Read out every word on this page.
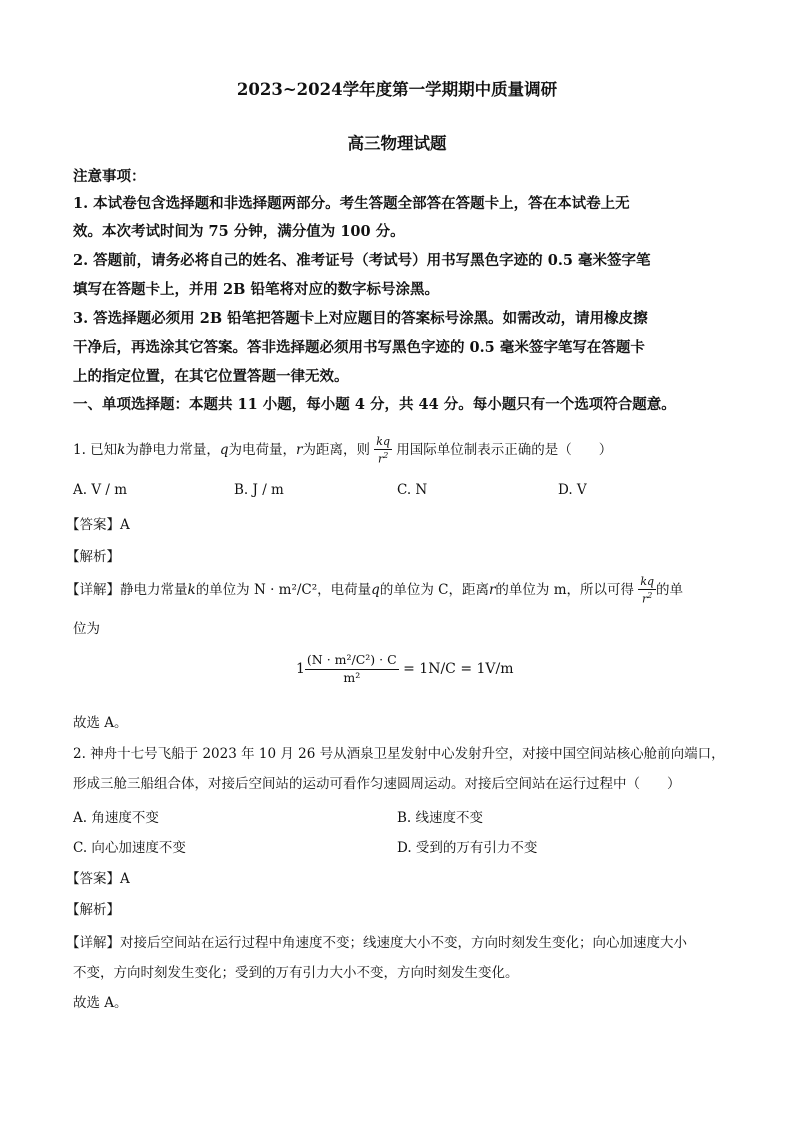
2023~2024学年度第一学期期中质量调研
高三物理试题
注意事项：
1. 本试卷包含选择题和非选择题两部分。考生答题全部答在答题卡上，答在本试卷上无
效。本次考试时间为 75 分钟，满分值为 100 分。
2. 答题前，请务必将自己的姓名、准考证号（考试号）用书写黑色字迹的 0.5 毫米签字笔
填写在答题卡上，并用 2B 铅笔将对应的数字标号涂黑。
3. 答选择题必须用 2B 铅笔把答题卡上对应题目的答案标号涂黑。如需改动，请用橡皮擦
干净后，再选涂其它答案。答非选择题必须用书写黑色字迹的 0.5 毫米签字笔写在答题卡
上的指定位置，在其它位置答题一律无效。
一、单项选择题：本题共 11 小题，每小题 4 分，共 44 分。每小题只有一个选项符合题意。
1. 已知k为静电力常量，q为电荷量，r为距离，则 $\frac{kq}{r^2}$ 用国际单位制表示正确的是（　　）
A. V / m	B. J / m	C. N	D. V
【答案】A
【解析】
【详解】静电力常量k的单位为 N · m²/C²，电荷量q的单位为 C，距离r的单位为 m，所以可得 $\frac{kq}{r^2}$ 的单
位为
$1 \frac{\text{(N · m²/C²) · C}}{\text{m²}} = 1N/C = 1V/m$
故选 A。
2. 神舟十七号飞船于 2023 年 10 月 26 号从酒泉卫星发射中心发射升空，对接中国空间站核心舱前向端口，
形成三舱三船组合体，对接后空间站的运动可看作匀速圆周运动。对接后空间站在运行过程中（　　）
A. 角速度不变	B. 线速度不变
C. 向心加速度不变	D. 受到的万有引力不变
【答案】A
【解析】
【详解】对接后空间站在运行过程中角速度不变；线速度大小不变，方向时刻发生变化；向心加速度大小
不变，方向时刻发生变化；受到的万有引力大小不变，方向时刻发生变化。
故选 A。
